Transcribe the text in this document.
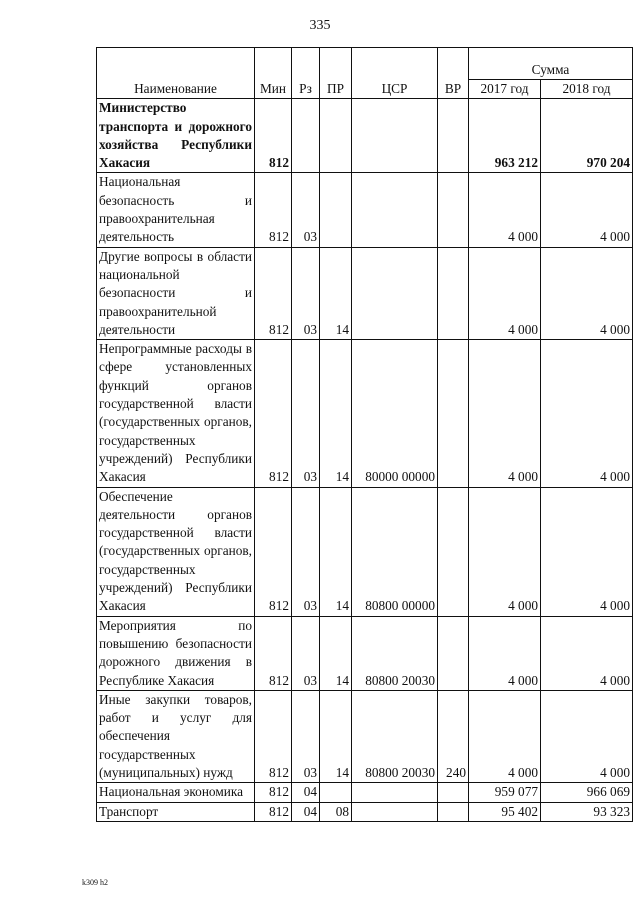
335
Наименование	Мин	Рз	ПР	ЦСР	ВР	Сумма	
						2017 год	2018 год
Министерство транспорта и дорожного хозяйства Республики Хакасия	812					963 212	970 204
Национальная безопасность и правоохранительная деятельность	812	03				4 000	4 000
Другие вопросы в области национальной безопасности и правоохранительной деятельности	812	03	14			4 000	4 000
Непрограммные расходы в сфере установленных функций органов государственной власти (государственных органов, государственных учреждений) Республики Хакасия	812	03	14	80000 00000		4 000	4 000
Обеспечение деятельности органов государственной власти (государственных органов, государственных учреждений) Республики Хакасия	812	03	14	80800 00000		4 000	4 000
Мероприятия по повышению безопасности дорожного движения в Республике Хакасия	812	03	14	80800 20030		4 000	4 000
Иные закупки товаров, работ и услуг для обеспечения государственных (муниципальных) нужд	812	03	14	80800 20030	240	4 000	4 000
Национальная экономика	812	04				959 077	966 069
Транспорт	812	04	08			95 402	93 323
k309 h2
